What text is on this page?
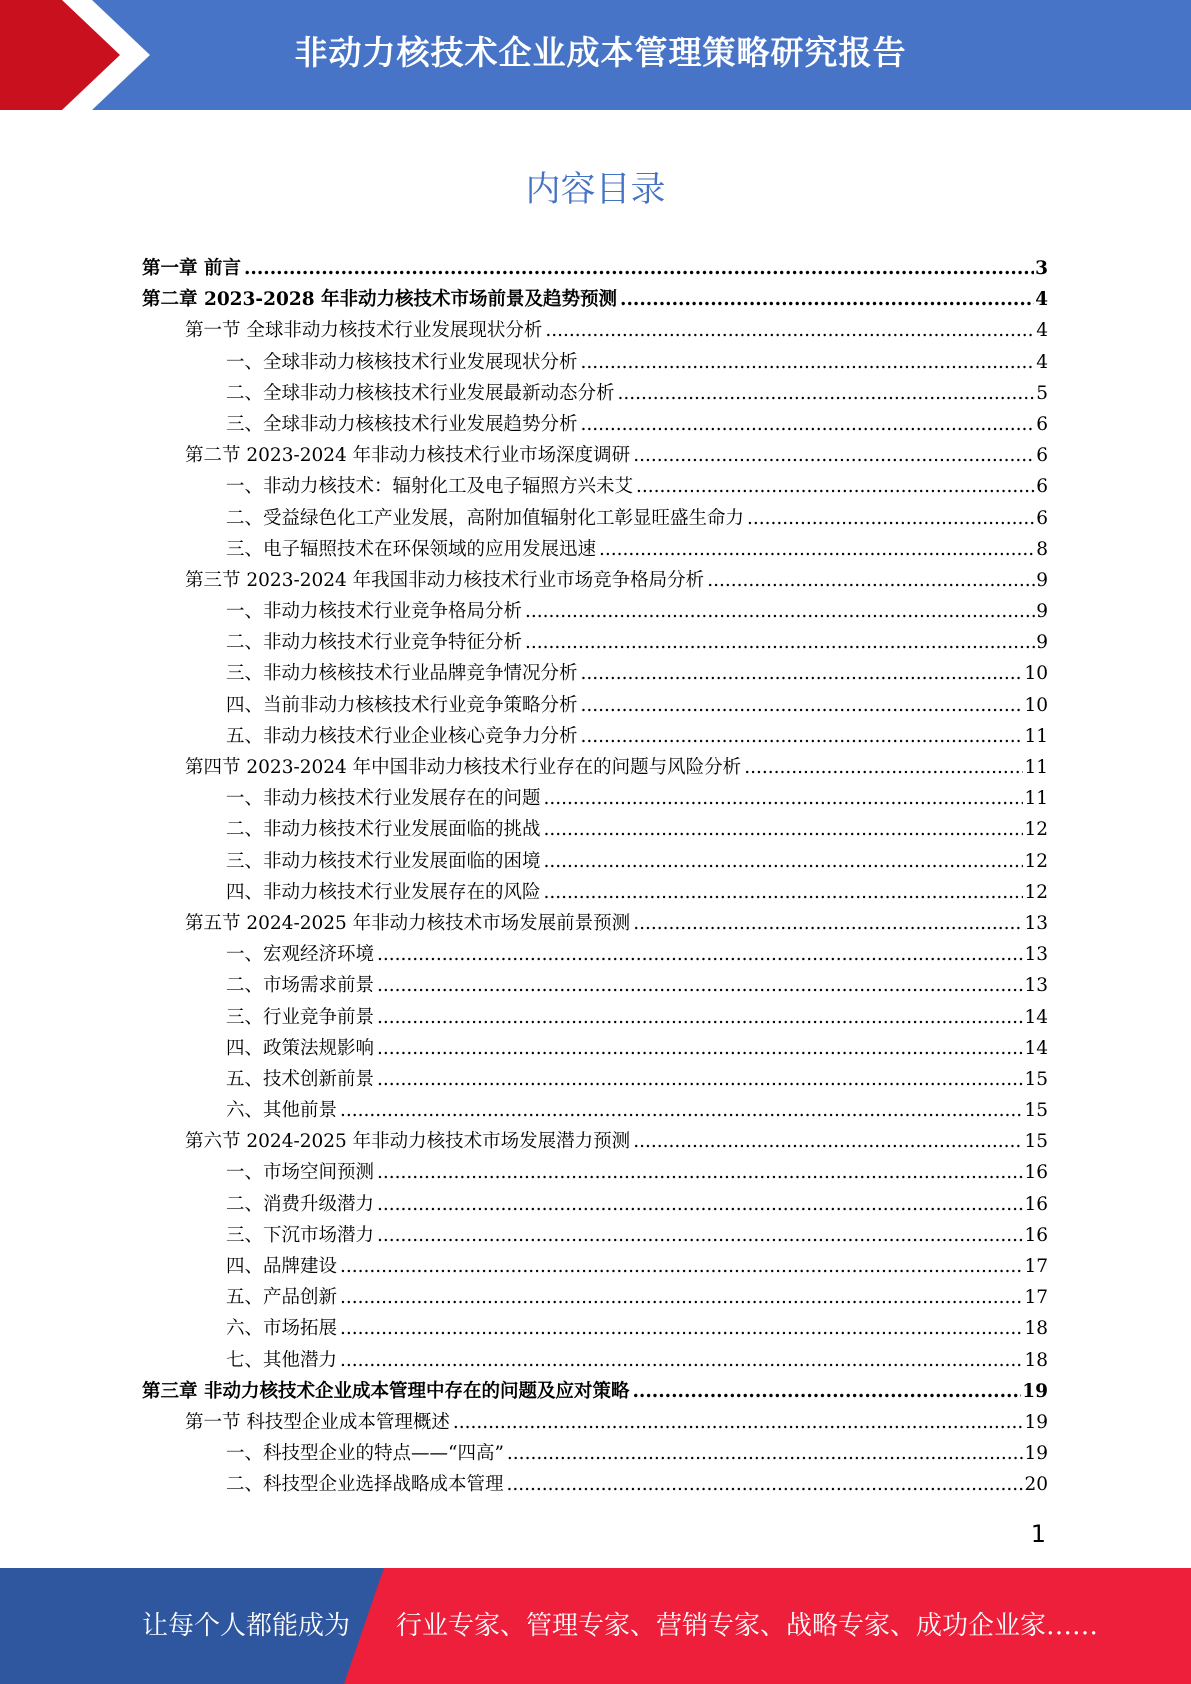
非动力核技术企业成本管理策略研究报告
内容目录
第一章 前言 .....	3
第二章 2023-2028 年非动力核技术市场前景及趋势预测 .....	4
第一节 全球非动力核技术行业发展现状分析 .....	4
一、全球非动力核核技术行业发展现状分析 .....	4
二、全球非动力核核技术行业发展最新动态分析 .....	5
三、全球非动力核核技术行业发展趋势分析 .....	6
第二节 2023-2024 年非动力核技术行业市场深度调研 .....	6
一、非动力核技术：辐射化工及电子辐照方兴未艾 .....	6
二、受益绿色化工产业发展，高附加值辐射化工彰显旺盛生命力 .....	6
三、电子辐照技术在环保领域的应用发展迅速 .....	8
第三节 2023-2024 年我国非动力核技术行业市场竞争格局分析 .....	9
一、非动力核技术行业竞争格局分析 .....	9
二、非动力核技术行业竞争特征分析 .....	9
三、非动力核核技术行业品牌竞争情况分析 .....	10
四、当前非动力核核技术行业竞争策略分析 .....	10
五、非动力核技术行业企业核心竞争力分析 .....	11
第四节 2023-2024 年中国非动力核技术行业存在的问题与风险分析 .....	11
一、非动力核技术行业发展存在的问题 .....	11
二、非动力核技术行业发展面临的挑战 .....	12
三、非动力核技术行业发展面临的困境 .....	12
四、非动力核技术行业发展存在的风险 .....	12
第五节 2024-2025 年非动力核技术市场发展前景预测 .....	13
一、宏观经济环境 .....	13
二、市场需求前景 .....	13
三、行业竞争前景 .....	14
四、政策法规影响 .....	14
五、技术创新前景 .....	15
六、其他前景 .....	15
第六节 2024-2025 年非动力核技术市场发展潜力预测 .....	15
一、市场空间预测 .....	16
二、消费升级潜力 .....	16
三、下沉市场潜力 .....	16
四、品牌建设 .....	17
五、产品创新 .....	17
六、市场拓展 .....	18
七、其他潜力 .....	18
第三章 非动力核技术企业成本管理中存在的问题及应对策略 .....	19
第一节 科技型企业成本管理概述 .....	19
一、科技型企业的特点——“四高” .....	19
二、科技型企业选择战略成本管理 .....	20
1
让每个人都能成为 行业专家、管理专家、营销专家、战略专家、成功企业家……
